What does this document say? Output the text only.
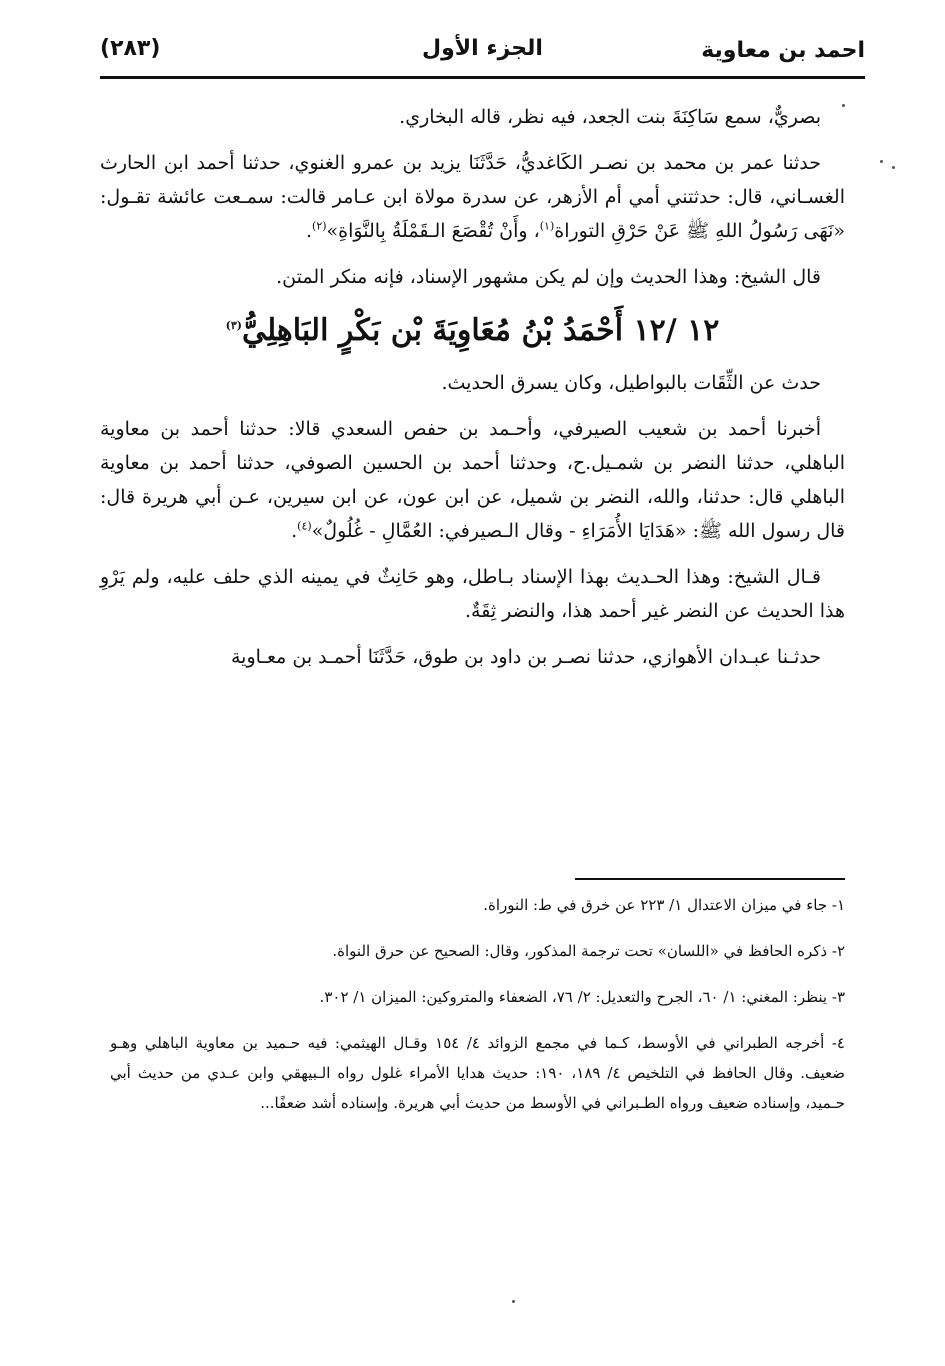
احمد بن معاوية
الجزء الأول
(٢٨٣)

بصريٌّ، سمع سَاكِنَةَ بنت الجعد، فيه نظر، قاله البخاري.

حدثنا عمر بن محمد بن نصـر الكَاغديُّ، حَدَّثَنَا يزيد بن عمرو الغنوي، حدثنا أحمد ابن الحارث الغسـاني، قال: حدثتني أمي أم الأزهر، عن سدرة مولاة ابن عـامر قالت: سمـعت عائشة تقـول: «نَهَى رَسُولُ اللهِ ﷺ عَنْ حَرْقِ التوراة$^{(١)}$، وأَنْ تُقْصَعَ الـقَمْلَةُ بِالنَّوَاةِ»$^{(٢)}$.

قال الشيخ: وهذا الحديث وإن لم يكن مشهور الإسناد، فإنه منكر المتن.

١٢ /١٢ أَحْمَدُ بْنُ مُعَاوِيَةَ بْن بَكْرٍ البَاهِلِيُّ$^{(٣)}$

حدث عن الثِّقَات بالبواطيل، وكان يسرق الحديث.

أخبرنا أحمد بن شعيب الصيرفي، وأحـمد بن حفص السعدي قالا: حدثنا أحمد بن معاوية الباهلي، حدثنا النضر بن شمـيل.ح، وحدثنا أحمد بن الحسين الصوفي، حدثنا أحمد بن معاوية الباهلي قال: حدثنا، والله، النضر بن شميل، عن ابن عون، عن ابن سيرين، عـن أبي هريرة قال: قال رسول الله ﷺ: «هَدَايَا الأُمَرَاءِ - وقال الـصيرفي: العُمَّالِ - غُلُولٌ»$^{(٤)}$.

قـال الشيخ: وهذا الحـديث بهذا الإسناد بـاطل، وهو حَانِثٌ في يمينه الذي حلف عليه، ولم يَرْوِ هذا الحديث عن النضر غير أحمد هذا، والنضر ثِقَةٌ.

حدثـنا عبـدان الأهوازي، حدثنا نصـر بن داود بن طوق، حَدَّثَنَا أحمـد بن معـاوية

١- جاء في ميزان الاعتدال ١/ ٢٢٣ عن خرق في ط: النوراة.

٢- ذكره الحافظ في «اللسان» تحت ترجمة المذكور، وقال: الصحيح عن حرق النواة.

٣- ينظر: المغني: ١/ ٦٠، الجرح والتعديل: ٢/ ٧٦، الضعفاء والمتروكين: الميزان ١/ ٣٠٢.

٤- أخرجه الطبراني في الأوسط، كـما في مجمع الزوائد ٤/ ١٥٤ وقـال الهيثمي: فيه حـميد بن معاوية الباهلي وهـو ضعيف. وقال الحافظ في التلخيص ٤/ ١٨٩، ١٩٠: حديث هدايا الأمراء غلول رواه الـبيهقي وابن عـدي من حديث أبي حـميد، وإسناده ضعيف ورواه الطـبراني في الأوسط من حديث أبي هريرة. وإسناده أشد ضعفًا...
